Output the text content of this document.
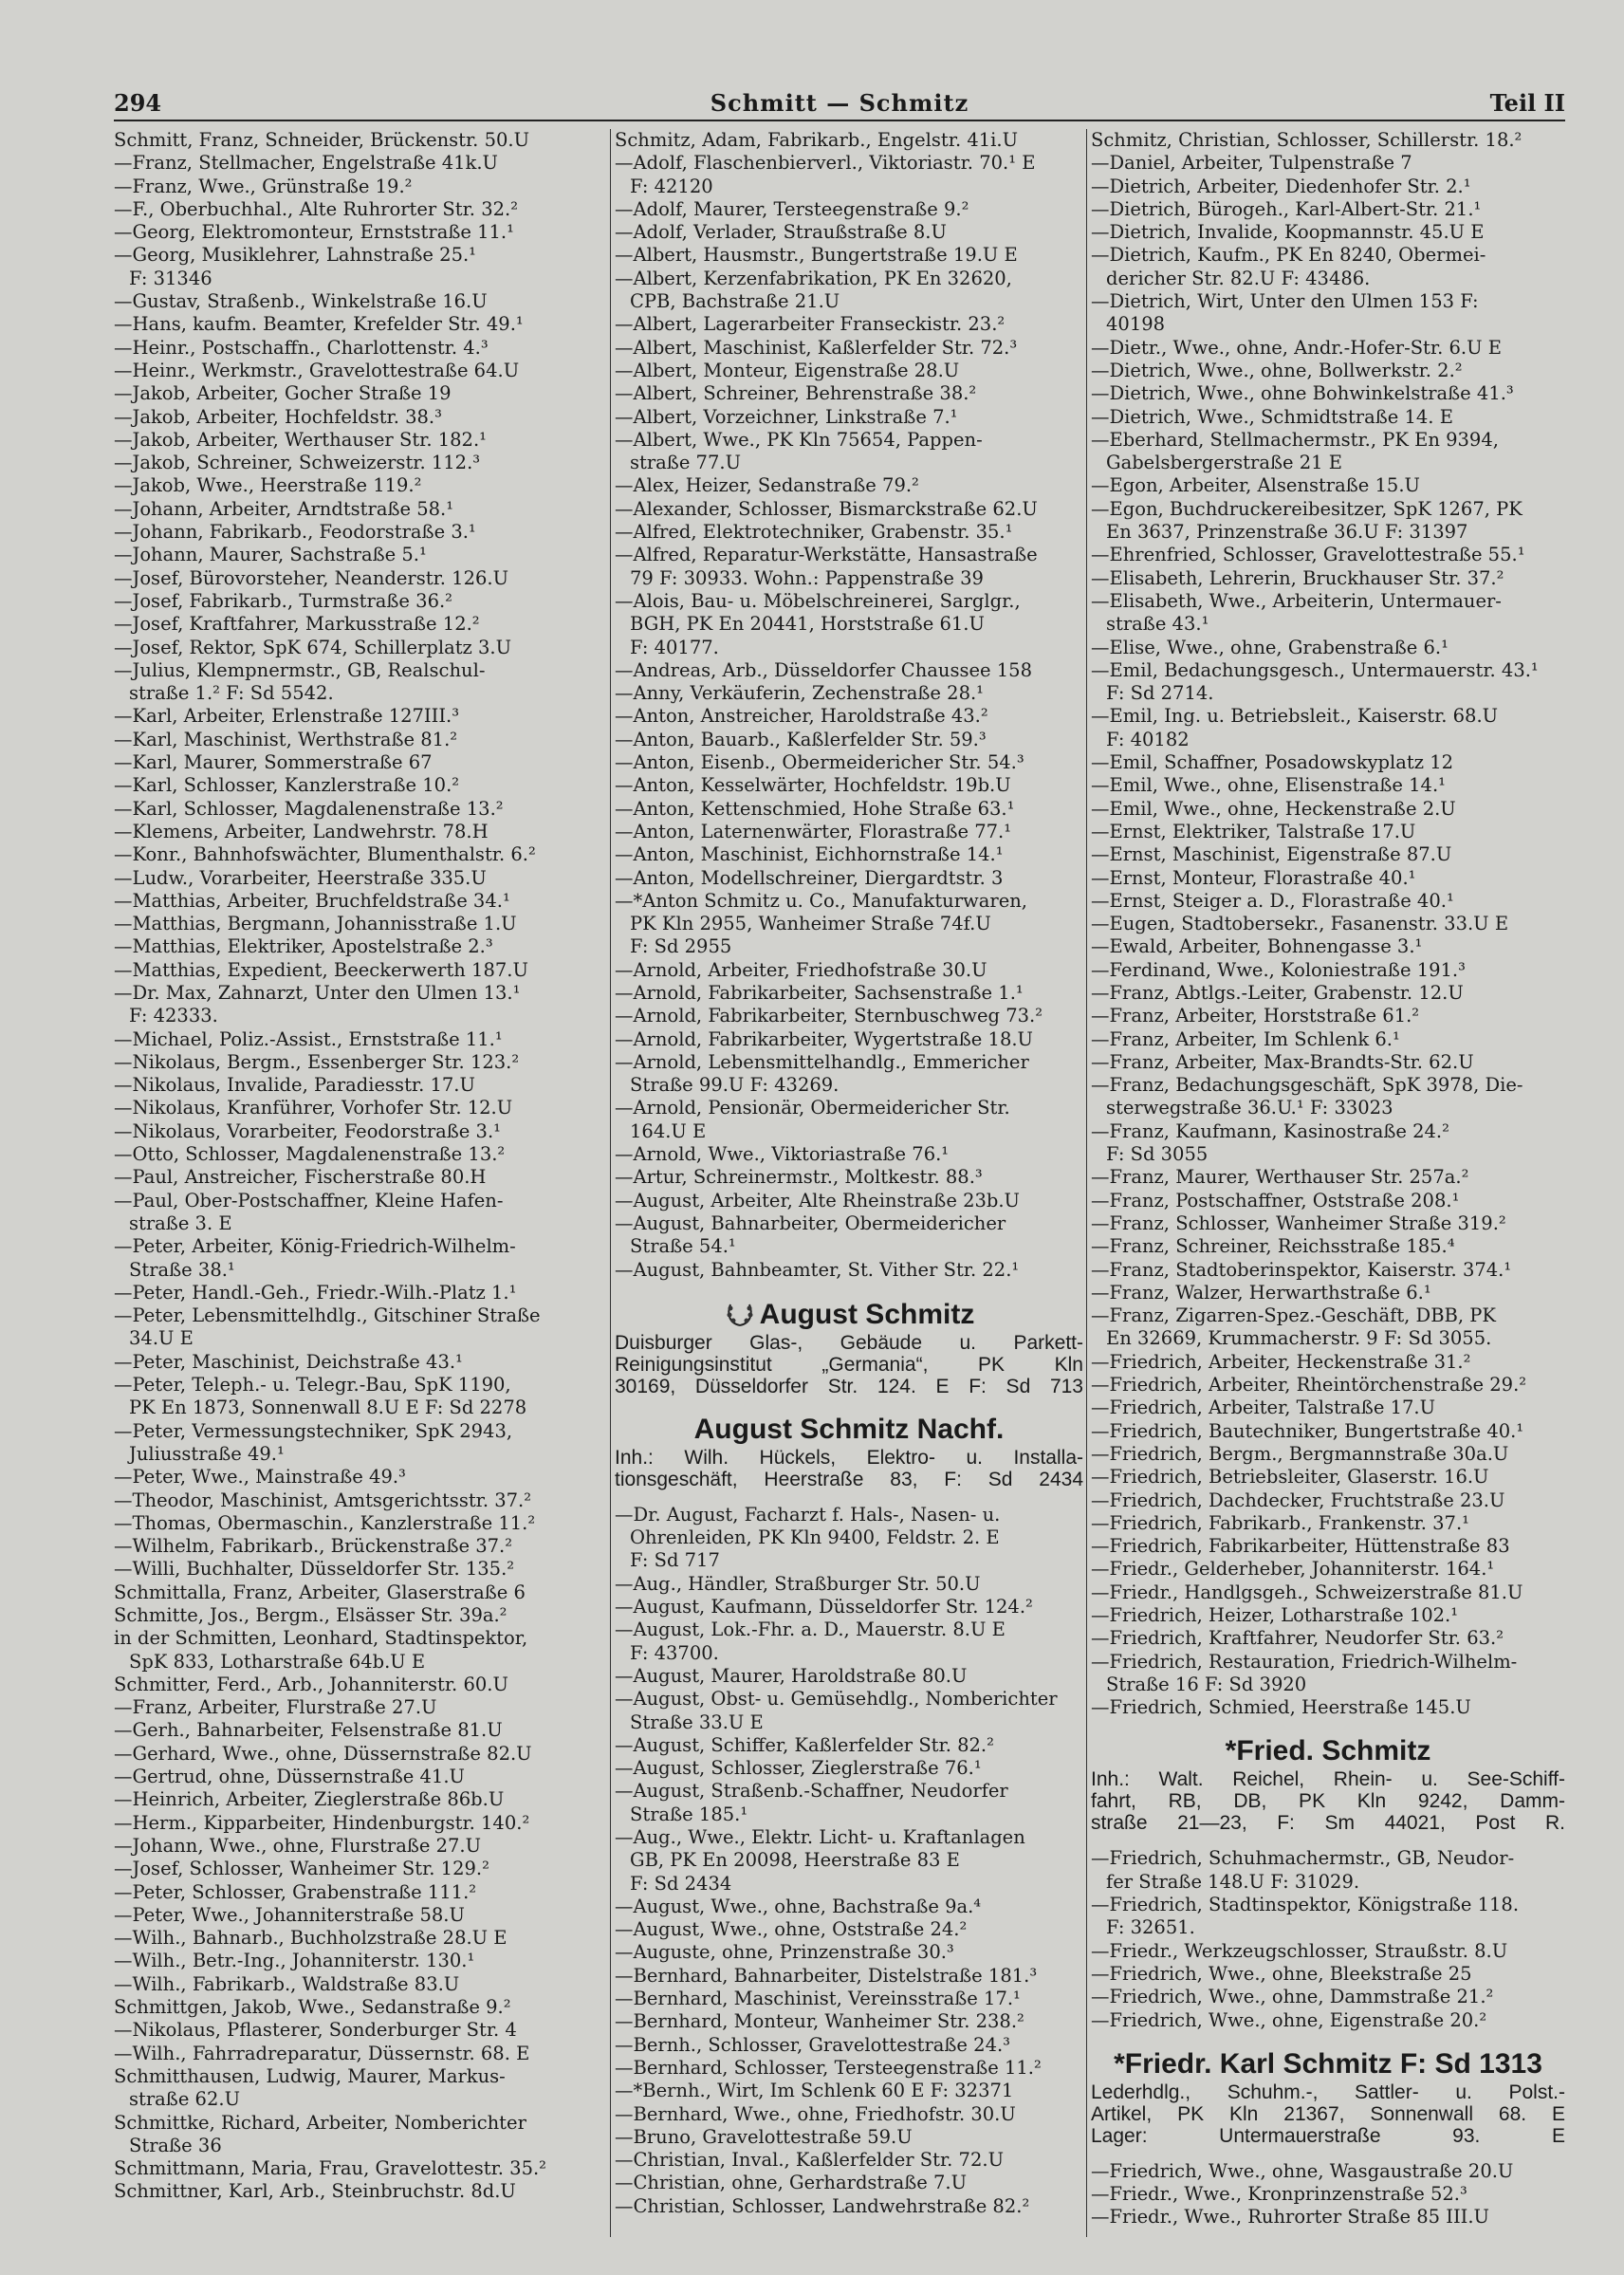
294	Schmitt — Schmitz	Teil II
Schmitt, Franz, Schneider, Brückenstr. 50.U
—Franz, Stellmacher, Engelstraße 41k.U
—Franz, Wwe., Grünstraße 19.²
—F., Oberbuchhal., Alte Ruhrorter Str. 32.²
—Georg, Elektromonteur, Ernststraße 11.¹
—Georg, Musiklehrer, Lahnstraße 25.¹
F: 31346
—Gustav, Straßenb., Winkelstraße 16.U
—Hans, kaufm. Beamter, Krefelder Str. 49.¹
—Heinr., Postschaffn., Charlottenstr. 4.³
—Heinr., Werkmstr., Gravelottestraße 64.U
—Jakob, Arbeiter, Gocher Straße 19
—Jakob, Arbeiter, Hochfeldstr. 38.³
—Jakob, Arbeiter, Werthauser Str. 182.¹
—Jakob, Schreiner, Schweizerstr. 112.³
—Jakob, Wwe., Heerstraße 119.²
—Johann, Arbeiter, Arndtstraße 58.¹
—Johann, Fabrikarb., Feodorstraße 3.¹
—Johann, Maurer, Sachstraße 5.¹
—Josef, Bürovorsteher, Neanderstr. 126.U
—Josef, Fabrikarb., Turmstraße 36.²
—Josef, Kraftfahrer, Markusstraße 12.²
—Josef, Rektor, SpK 674, Schillerplatz 3.U
—Julius, Klempnermstr., GB, Realschul-
straße 1.² F: Sd 5542.
—Karl, Arbeiter, Erlenstraße 127III.³
—Karl, Maschinist, Werthstraße 81.²
—Karl, Maurer, Sommerstraße 67
—Karl, Schlosser, Kanzlerstraße 10.²
—Karl, Schlosser, Magdalenenstraße 13.²
—Klemens, Arbeiter, Landwehrstr. 78.H
—Konr., Bahnhofswächter, Blumenthalstr. 6.²
—Ludw., Vorarbeiter, Heerstraße 335.U
—Matthias, Arbeiter, Bruchfeldstraße 34.¹
—Matthias, Bergmann, Johannisstraße 1.U
—Matthias, Elektriker, Apostelstraße 2.³
—Matthias, Expedient, Beeckerwerth 187.U
—Dr. Max, Zahnarzt, Unter den Ulmen 13.¹
F: 42333.
—Michael, Poliz.-Assist., Ernststraße 11.¹
—Nikolaus, Bergm., Essenberger Str. 123.²
—Nikolaus, Invalide, Paradiesstr. 17.U
—Nikolaus, Kranführer, Vorhofer Str. 12.U
—Nikolaus, Vorarbeiter, Feodorstraße 3.¹
—Otto, Schlosser, Magdalenenstraße 13.²
—Paul, Anstreicher, Fischerstraße 80.H
—Paul, Ober-Postschaffner, Kleine Hafen-
straße 3. E
—Peter, Arbeiter, König-Friedrich-Wilhelm-
Straße 38.¹
—Peter, Handl.-Geh., Friedr.-Wilh.-Platz 1.¹
—Peter, Lebensmittelhdlg., Gitschiner Straße
34.U E
—Peter, Maschinist, Deichstraße 43.¹
—Peter, Teleph.- u. Telegr.-Bau, SpK 1190,
PK En 1873, Sonnenwall 8.U E F: Sd 2278
—Peter, Vermessungstechniker, SpK 2943,
Juliusstraße 49.¹
—Peter, Wwe., Mainstraße 49.³
—Theodor, Maschinist, Amtsgerichtsstr. 37.²
—Thomas, Obermaschin., Kanzlerstraße 11.²
—Wilhelm, Fabrikarb., Brückenstraße 37.²
—Willi, Buchhalter, Düsseldorfer Str. 135.²
Schmittalla, Franz, Arbeiter, Glaserstraße 6
Schmitte, Jos., Bergm., Elsässer Str. 39a.²
in der Schmitten, Leonhard, Stadtinspektor,
SpK 833, Lotharstraße 64b.U E
Schmitter, Ferd., Arb., Johanniterstr. 60.U
—Franz, Arbeiter, Flurstraße 27.U
—Gerh., Bahnarbeiter, Felsenstraße 81.U
—Gerhard, Wwe., ohne, Düssernstraße 82.U
—Gertrud, ohne, Düssernstraße 41.U
—Heinrich, Arbeiter, Zieglerstraße 86b.U
—Herm., Kipparbeiter, Hindenburgstr. 140.²
—Johann, Wwe., ohne, Flurstraße 27.U
—Josef, Schlosser, Wanheimer Str. 129.²
—Peter, Schlosser, Grabenstraße 111.²
—Peter, Wwe., Johanniterstraße 58.U
—Wilh., Bahnarb., Buchholzstraße 28.U E
—Wilh., Betr.-Ing., Johanniterstr. 130.¹
—Wilh., Fabrikarb., Waldstraße 83.U
Schmittgen, Jakob, Wwe., Sedanstraße 9.²
—Nikolaus, Pflasterer, Sonderburger Str. 4
—Wilh., Fahrradreparatur, Düssernstr. 68. E
Schmitthausen, Ludwig, Maurer, Markus-
straße 62.U
Schmittke, Richard, Arbeiter, Nomberichter
Straße 36
Schmittmann, Maria, Frau, Gravelottestr. 35.²
Schmittner, Karl, Arb., Steinbruchstr. 8d.U
Schmitz, Adam, Fabrikarb., Engelstr. 41i.U
—Adolf, Flaschenbierverl., Viktoriastr. 70.¹ E
F: 42120
—Adolf, Maurer, Tersteegenstraße 9.²
—Adolf, Verlader, Straußstraße 8.U
—Albert, Hausmstr., Bungertstraße 19.U E
—Albert, Kerzenfabrikation, PK En 32620,
CPB, Bachstraße 21.U
—Albert, Lagerarbeiter Franseckistr. 23.²
—Albert, Maschinist, Kaßlerfelder Str. 72.³
—Albert, Monteur, Eigenstraße 28.U
—Albert, Schreiner, Behrenstraße 38.²
—Albert, Vorzeichner, Linkstraße 7.¹
—Albert, Wwe., PK Kln 75654, Pappen-
straße 77.U
—Alex, Heizer, Sedanstraße 79.²
—Alexander, Schlosser, Bismarckstraße 62.U
—Alfred, Elektrotechniker, Grabenstr. 35.¹
—Alfred, Reparatur-Werkstätte, Hansastraße
79 F: 30933. Wohn.: Pappenstraße 39
—Alois, Bau- u. Möbelschreinerei, Sarglgr.,
BGH, PK En 20441, Horststraße 61.U
F: 40177.
—Andreas, Arb., Düsseldorfer Chaussee 158
—Anny, Verkäuferin, Zechenstraße 28.¹
—Anton, Anstreicher, Haroldstraße 43.²
—Anton, Bauarb., Kaßlerfelder Str. 59.³
—Anton, Eisenb., Obermeidericher Str. 54.³
—Anton, Kesselwärter, Hochfeldstr. 19b.U
—Anton, Kettenschmied, Hohe Straße 63.¹
—Anton, Laternenwärter, Florastraße 77.¹
—Anton, Maschinist, Eichhornstraße 14.¹
—Anton, Modellschreiner, Diergardtstr. 3
—*Anton Schmitz u. Co., Manufakturwaren,
PK Kln 2955, Wanheimer Straße 74f.U
F: Sd 2955
—Arnold, Arbeiter, Friedhofstraße 30.U
—Arnold, Fabrikarbeiter, Sachsenstraße 1.¹
—Arnold, Fabrikarbeiter, Sternbuschweg 73.²
—Arnold, Fabrikarbeiter, Wygertstraße 18.U
—Arnold, Lebensmittelhandlg., Emmericher
Straße 99.U F: 43269.
—Arnold, Pensionär, Obermeidericher Str.
164.U E
—Arnold, Wwe., Viktoriastraße 76.¹
—Artur, Schreinermstr., Moltkestr. 88.³
—August, Arbeiter, Alte Rheinstraße 23b.U
—August, Bahnarbeiter, Obermeidericher
Straße 54.¹
—August, Bahnbeamter, St. Vither Str. 22.¹
August Schmitz
Duisburger Glas-, Gebäude u. Parkett-
Reinigungsinstitut „Germania“, PK Kln
30169, Düsseldorfer Str. 124. E F: Sd 713
August Schmitz Nachf.
Inh.: Wilh. Hückels, Elektro- u. Installa-
tionsgeschäft, Heerstraße 83, F: Sd 2434
—Dr. August, Facharzt f. Hals-, Nasen- u.
Ohrenleiden, PK Kln 9400, Feldstr. 2. E
F: Sd 717
—Aug., Händler, Straßburger Str. 50.U
—August, Kaufmann, Düsseldorfer Str. 124.²
—August, Lok.-Fhr. a. D., Mauerstr. 8.U E
F: 43700.
—August, Maurer, Haroldstraße 80.U
—August, Obst- u. Gemüsehdlg., Nomberichter
Straße 33.U E
—August, Schiffer, Kaßlerfelder Str. 82.²
—August, Schlosser, Zieglerstraße 76.¹
—August, Straßenb.-Schaffner, Neudorfer
Straße 185.¹
—Aug., Wwe., Elektr. Licht- u. Kraftanlagen
GB, PK En 20098, Heerstraße 83 E
F: Sd 2434
—August, Wwe., ohne, Bachstraße 9a.⁴
—August, Wwe., ohne, Oststraße 24.²
—Auguste, ohne, Prinzenstraße 30.³
—Bernhard, Bahnarbeiter, Distelstraße 181.³
—Bernhard, Maschinist, Vereinsstraße 17.¹
—Bernhard, Monteur, Wanheimer Str. 238.²
—Bernh., Schlosser, Gravelottestraße 24.³
—Bernhard, Schlosser, Tersteegenstraße 11.²
—*Bernh., Wirt, Im Schlenk 60 E F: 32371
—Bernhard, Wwe., ohne, Friedhofstr. 30.U
—Bruno, Gravelottestraße 59.U
—Christian, Inval., Kaßlerfelder Str. 72.U
—Christian, ohne, Gerhardstraße 7.U
—Christian, Schlosser, Landwehrstraße 82.²
Schmitz, Christian, Schlosser, Schillerstr. 18.²
—Daniel, Arbeiter, Tulpenstraße 7
—Dietrich, Arbeiter, Diedenhofer Str. 2.¹
—Dietrich, Bürogeh., Karl-Albert-Str. 21.¹
—Dietrich, Invalide, Koopmannstr. 45.U E
—Dietrich, Kaufm., PK En 8240, Obermei-
dericher Str. 82.U F: 43486.
—Dietrich, Wirt, Unter den Ulmen 153 F:
40198
—Dietr., Wwe., ohne, Andr.-Hofer-Str. 6.U E
—Dietrich, Wwe., ohne, Bollwerkstr. 2.²
—Dietrich, Wwe., ohne Bohwinkelstraße 41.³
—Dietrich, Wwe., Schmidtstraße 14. E
—Eberhard, Stellmachermstr., PK En 9394,
Gabelsbergerstraße 21 E
—Egon, Arbeiter, Alsenstraße 15.U
—Egon, Buchdruckereibesitzer, SpK 1267, PK
En 3637, Prinzenstraße 36.U F: 31397
—Ehrenfried, Schlosser, Gravelottestraße 55.¹
—Elisabeth, Lehrerin, Bruckhauser Str. 37.²
—Elisabeth, Wwe., Arbeiterin, Untermauer-
straße 43.¹
—Elise, Wwe., ohne, Grabenstraße 6.¹
—Emil, Bedachungsgesch., Untermauerstr. 43.¹
F: Sd 2714.
—Emil, Ing. u. Betriebsleit., Kaiserstr. 68.U
F: 40182
—Emil, Schaffner, Posadowskyplatz 12
—Emil, Wwe., ohne, Elisenstraße 14.¹
—Emil, Wwe., ohne, Heckenstraße 2.U
—Ernst, Elektriker, Talstraße 17.U
—Ernst, Maschinist, Eigenstraße 87.U
—Ernst, Monteur, Florastraße 40.¹
—Ernst, Steiger a. D., Florastraße 40.¹
—Eugen, Stadtobersekr., Fasanenstr. 33.U E
—Ewald, Arbeiter, Bohnengasse 3.¹
—Ferdinand, Wwe., Koloniestraße 191.³
—Franz, Abtlgs.-Leiter, Grabenstr. 12.U
—Franz, Arbeiter, Horststraße 61.²
—Franz, Arbeiter, Im Schlenk 6.¹
—Franz, Arbeiter, Max-Brandts-Str. 62.U
—Franz, Bedachungsgeschäft, SpK 3978, Die-
sterwegstraße 36.U.¹ F: 33023
—Franz, Kaufmann, Kasinostraße 24.²
F: Sd 3055
—Franz, Maurer, Werthauser Str. 257a.²
—Franz, Postschaffner, Oststraße 208.¹
—Franz, Schlosser, Wanheimer Straße 319.²
—Franz, Schreiner, Reichsstraße 185.⁴
—Franz, Stadtoberinspektor, Kaiserstr. 374.¹
—Franz, Walzer, Herwarthstraße 6.¹
—Franz, Zigarren-Spez.-Geschäft, DBB, PK
En 32669, Krummacherstr. 9 F: Sd 3055.
—Friedrich, Arbeiter, Heckenstraße 31.²
—Friedrich, Arbeiter, Rheintörchenstraße 29.²
—Friedrich, Arbeiter, Talstraße 17.U
—Friedrich, Bautechniker, Bungertstraße 40.¹
—Friedrich, Bergm., Bergmannstraße 30a.U
—Friedrich, Betriebsleiter, Glaserstr. 16.U
—Friedrich, Dachdecker, Fruchtstraße 23.U
—Friedrich, Fabrikarb., Frankenstr. 37.¹
—Friedrich, Fabrikarbeiter, Hüttenstraße 83
—Friedr., Gelderheber, Johanniterstr. 164.¹
—Friedr., Handlgsgeh., Schweizerstraße 81.U
—Friedrich, Heizer, Lotharstraße 102.¹
—Friedrich, Kraftfahrer, Neudorfer Str. 63.²
—Friedrich, Restauration, Friedrich-Wilhelm-
Straße 16 F: Sd 3920
—Friedrich, Schmied, Heerstraße 145.U
*Fried. Schmitz
Inh.: Walt. Reichel, Rhein- u. See-Schiff-
fahrt, RB, DB, PK Kln 9242, Damm-
straße 21—23, F: Sm 44021, Post R.
—Friedrich, Schuhmachermstr., GB, Neudor-
fer Straße 148.U F: 31029.
—Friedrich, Stadtinspektor, Königstraße 118.
F: 32651.
—Friedr., Werkzeugschlosser, Straußstr. 8.U
—Friedrich, Wwe., ohne, Bleekstraße 25
—Friedrich, Wwe., ohne, Dammstraße 21.²
—Friedrich, Wwe., ohne, Eigenstraße 20.²
*Friedr. Karl Schmitz F: Sd 1313
Lederhdlg., Schuhm.-, Sattler- u. Polst.-
Artikel, PK Kln 21367, Sonnenwall 68. E
Lager: Untermauerstraße 93. E
—Friedrich, Wwe., ohne, Wasgaustraße 20.U
—Friedr., Wwe., Kronprinzenstraße 52.³
—Friedr., Wwe., Ruhrorter Straße 85 III.U
